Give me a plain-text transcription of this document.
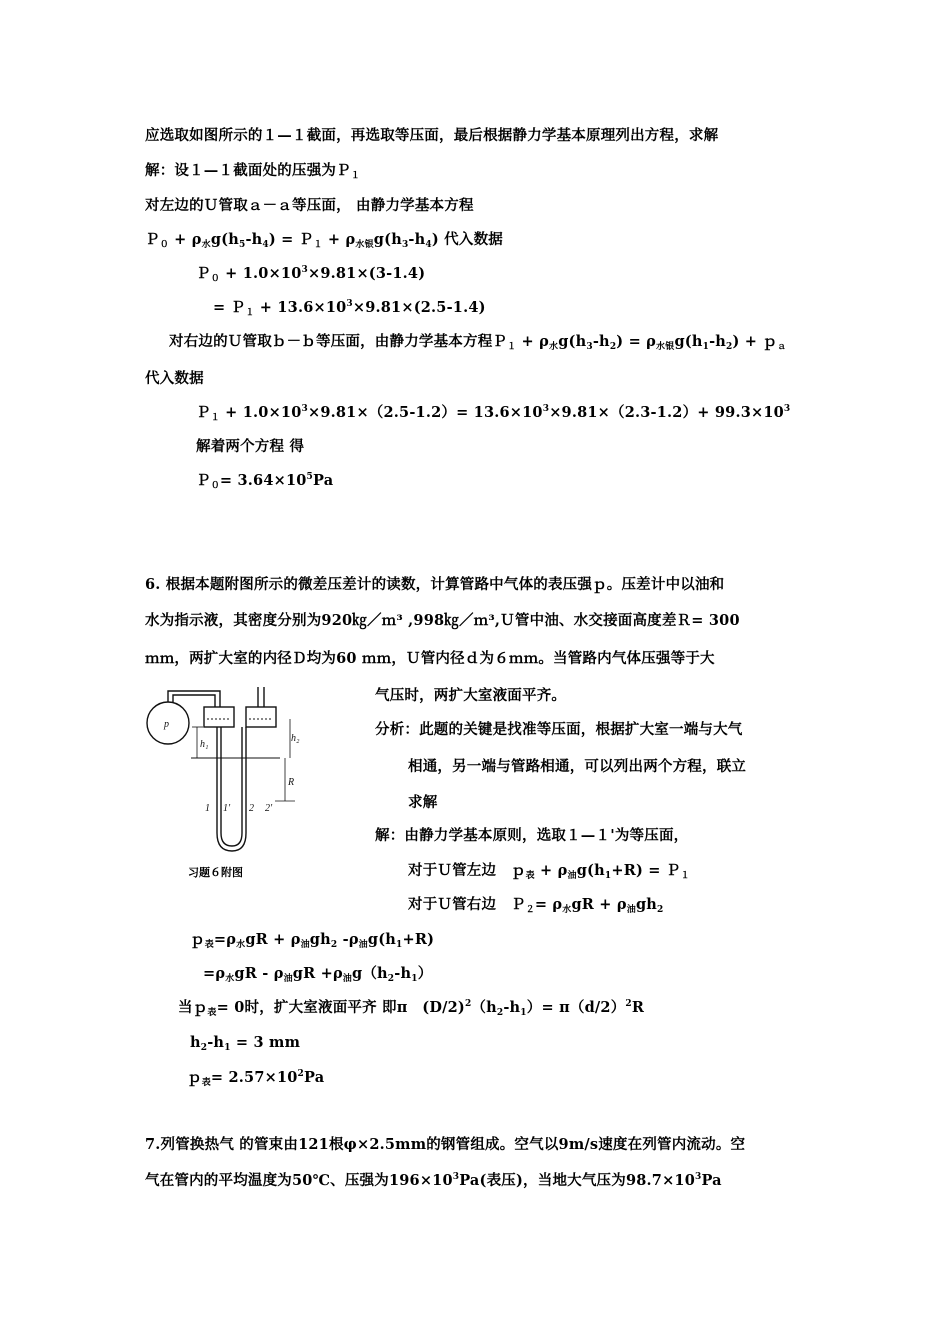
应选取如图所示的１—１截面，再选取等压面，最后根据静力学基本原理列出方程，求解
解：设１—１截面处的压强为Ｐ$_1$
对左边的Ｕ管取ａ－ａ等压面， 由静力学基本方程
Ｐ$_0$ + $\rho_水g(h_5-h_4)$ = Ｐ$_1$ + $\rho_{水银}g(h_3-h_4)$ 代入数据
Ｐ$_0$ + $1.0\times 10^3\times 9.81\times(3-1.4)$
= Ｐ$_1$ + $13.6\times 10^3\times 9.81\times(2.5-1.4)$
对右边的Ｕ管取ｂ－ｂ等压面，由静力学基本方程Ｐ$_1$ + $\rho_水g(h_3-h_2) = \rho_{水银}g(h_1-h_2)$ + ｐ$_a$
代入数据
Ｐ$_1$ + $1.0\times 10^3\times 9.81\times(2.5-1.2)= 13.6\times 10^3\times 9.81\times(2.3-1.2)+ 99.3\times 10^3$
解着两个方程 得
Ｐ$_0$= $3.64\times 10^5Pa$
6. 根据本题附图所示的微差压差计的读数，计算管路中气体的表压强ｐ。压差计中以油和
水为指示液，其密度分别为920㎏／ｍ³ ,998㎏／ｍ³,Ｕ管中油、水交接面高度差Ｒ= 300
ｍｍ，两扩大室的内径Ｄ均为60 ｍｍ，Ｕ管内径ｄ为６ｍｍ。当管路内气体压强等于大
气压时，两扩大室液面平齐。
分析：此题的关键是找准等压面，根据扩大室一端与大气
相通，另一端与管路相通，可以列出两个方程，联立
求解
解：由静力学基本原则，选取１—１'为等压面，
对于Ｕ管左边　ｐ$_表$ + $\rho_油g(h_1+R)$ = Ｐ$_1$
对于Ｕ管右边　Ｐ$_2$= $\rho_水gR + \rho_油gh_2$
p
h₁
h₂
R
1 1' 2 2'
习题６附图
$p_表=\rho_水gR + \rho_油gh_2$ $-\rho_油g(h_1+R)$
$=\rho_水gR - \rho_油gR +\rho_油g(h_2-h_1)$
当ｐ$_表$= 0时，扩大室液面平齐 即π　$(D/2)^2(h_2-h_1)= \pi(d/2)^2R$
$h_2-h_1 = 3$ mm
ｐ$_表$= $2.57\times 10^2Pa$
7.列管换热气 的管束由121根φ×2.5mm的钢管组成。空气以9m/s速度在列管内流动。空
气在管内的平均温度为50℃、压强为$196\times 10^3Pa$(表压)，当地大气压为$98.7\times 10^3Pa$
